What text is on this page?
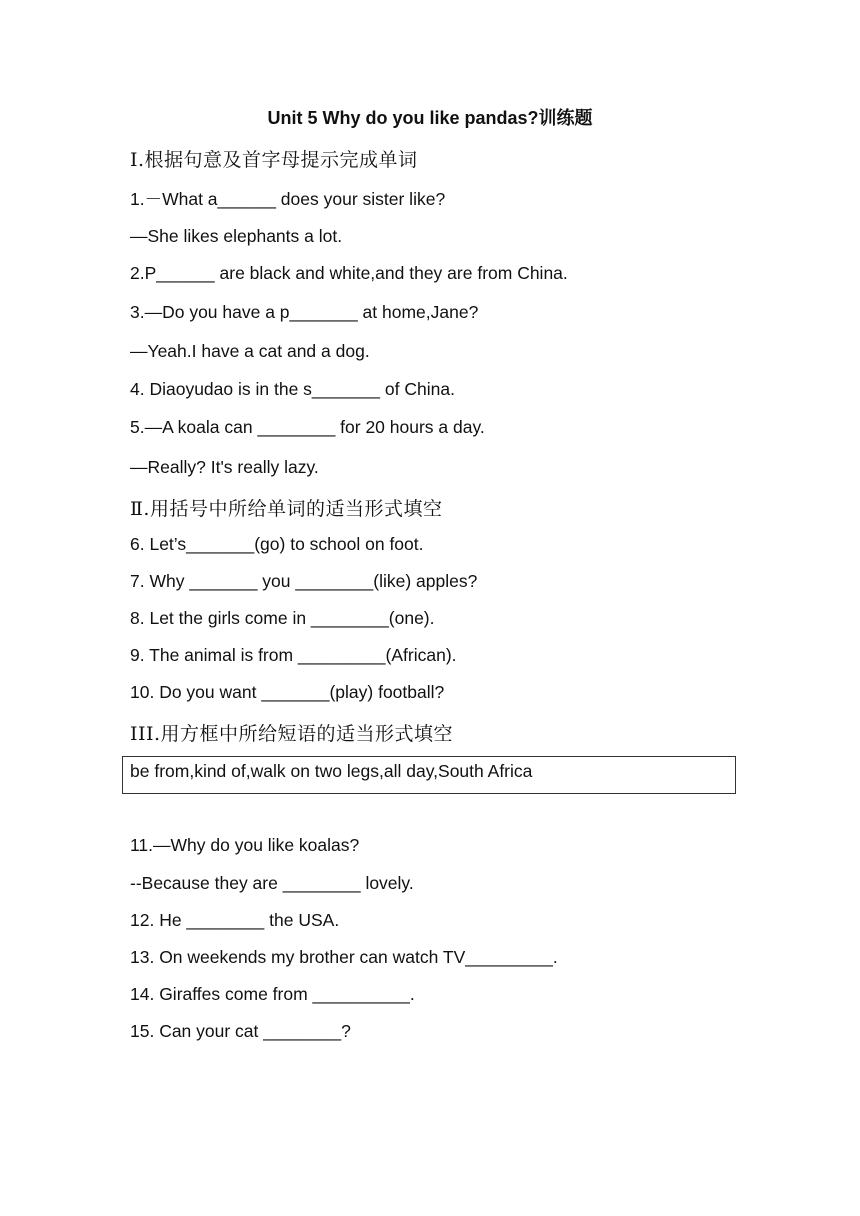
Unit 5 Why do you like pandas?训练题
Ⅰ.根据句意及首字母提示完成单词
1.－What a______ does your sister like?
—She likes elephants a lot.
2.P______ are black and white,and they are from China.
3.—Do you have a p_______ at home,Jane?
—Yeah.I have a cat and a dog.
4. Diaoyudao is in the s_______ of China.
5.—A koala can ________ for 20 hours a day.
—Really? It's really lazy.
Ⅱ.用括号中所给单词的适当形式填空
6. Let’s_______(go) to school on foot.
7. Why _______ you ________(like) apples?
8. Let the girls come in ________(one).
9. The animal is from _________(African).
10. Do you want _______(play) football?
III.用方框中所给短语的适当形式填空
be from,kind of,walk on two legs,all day,South Africa
11.—Why do you like koalas?
--Because they are ________ lovely.
12. He ________ the USA.
13. On weekends my brother can watch TV_________.
14. Giraffes come from __________.
15. Can your cat ________?
